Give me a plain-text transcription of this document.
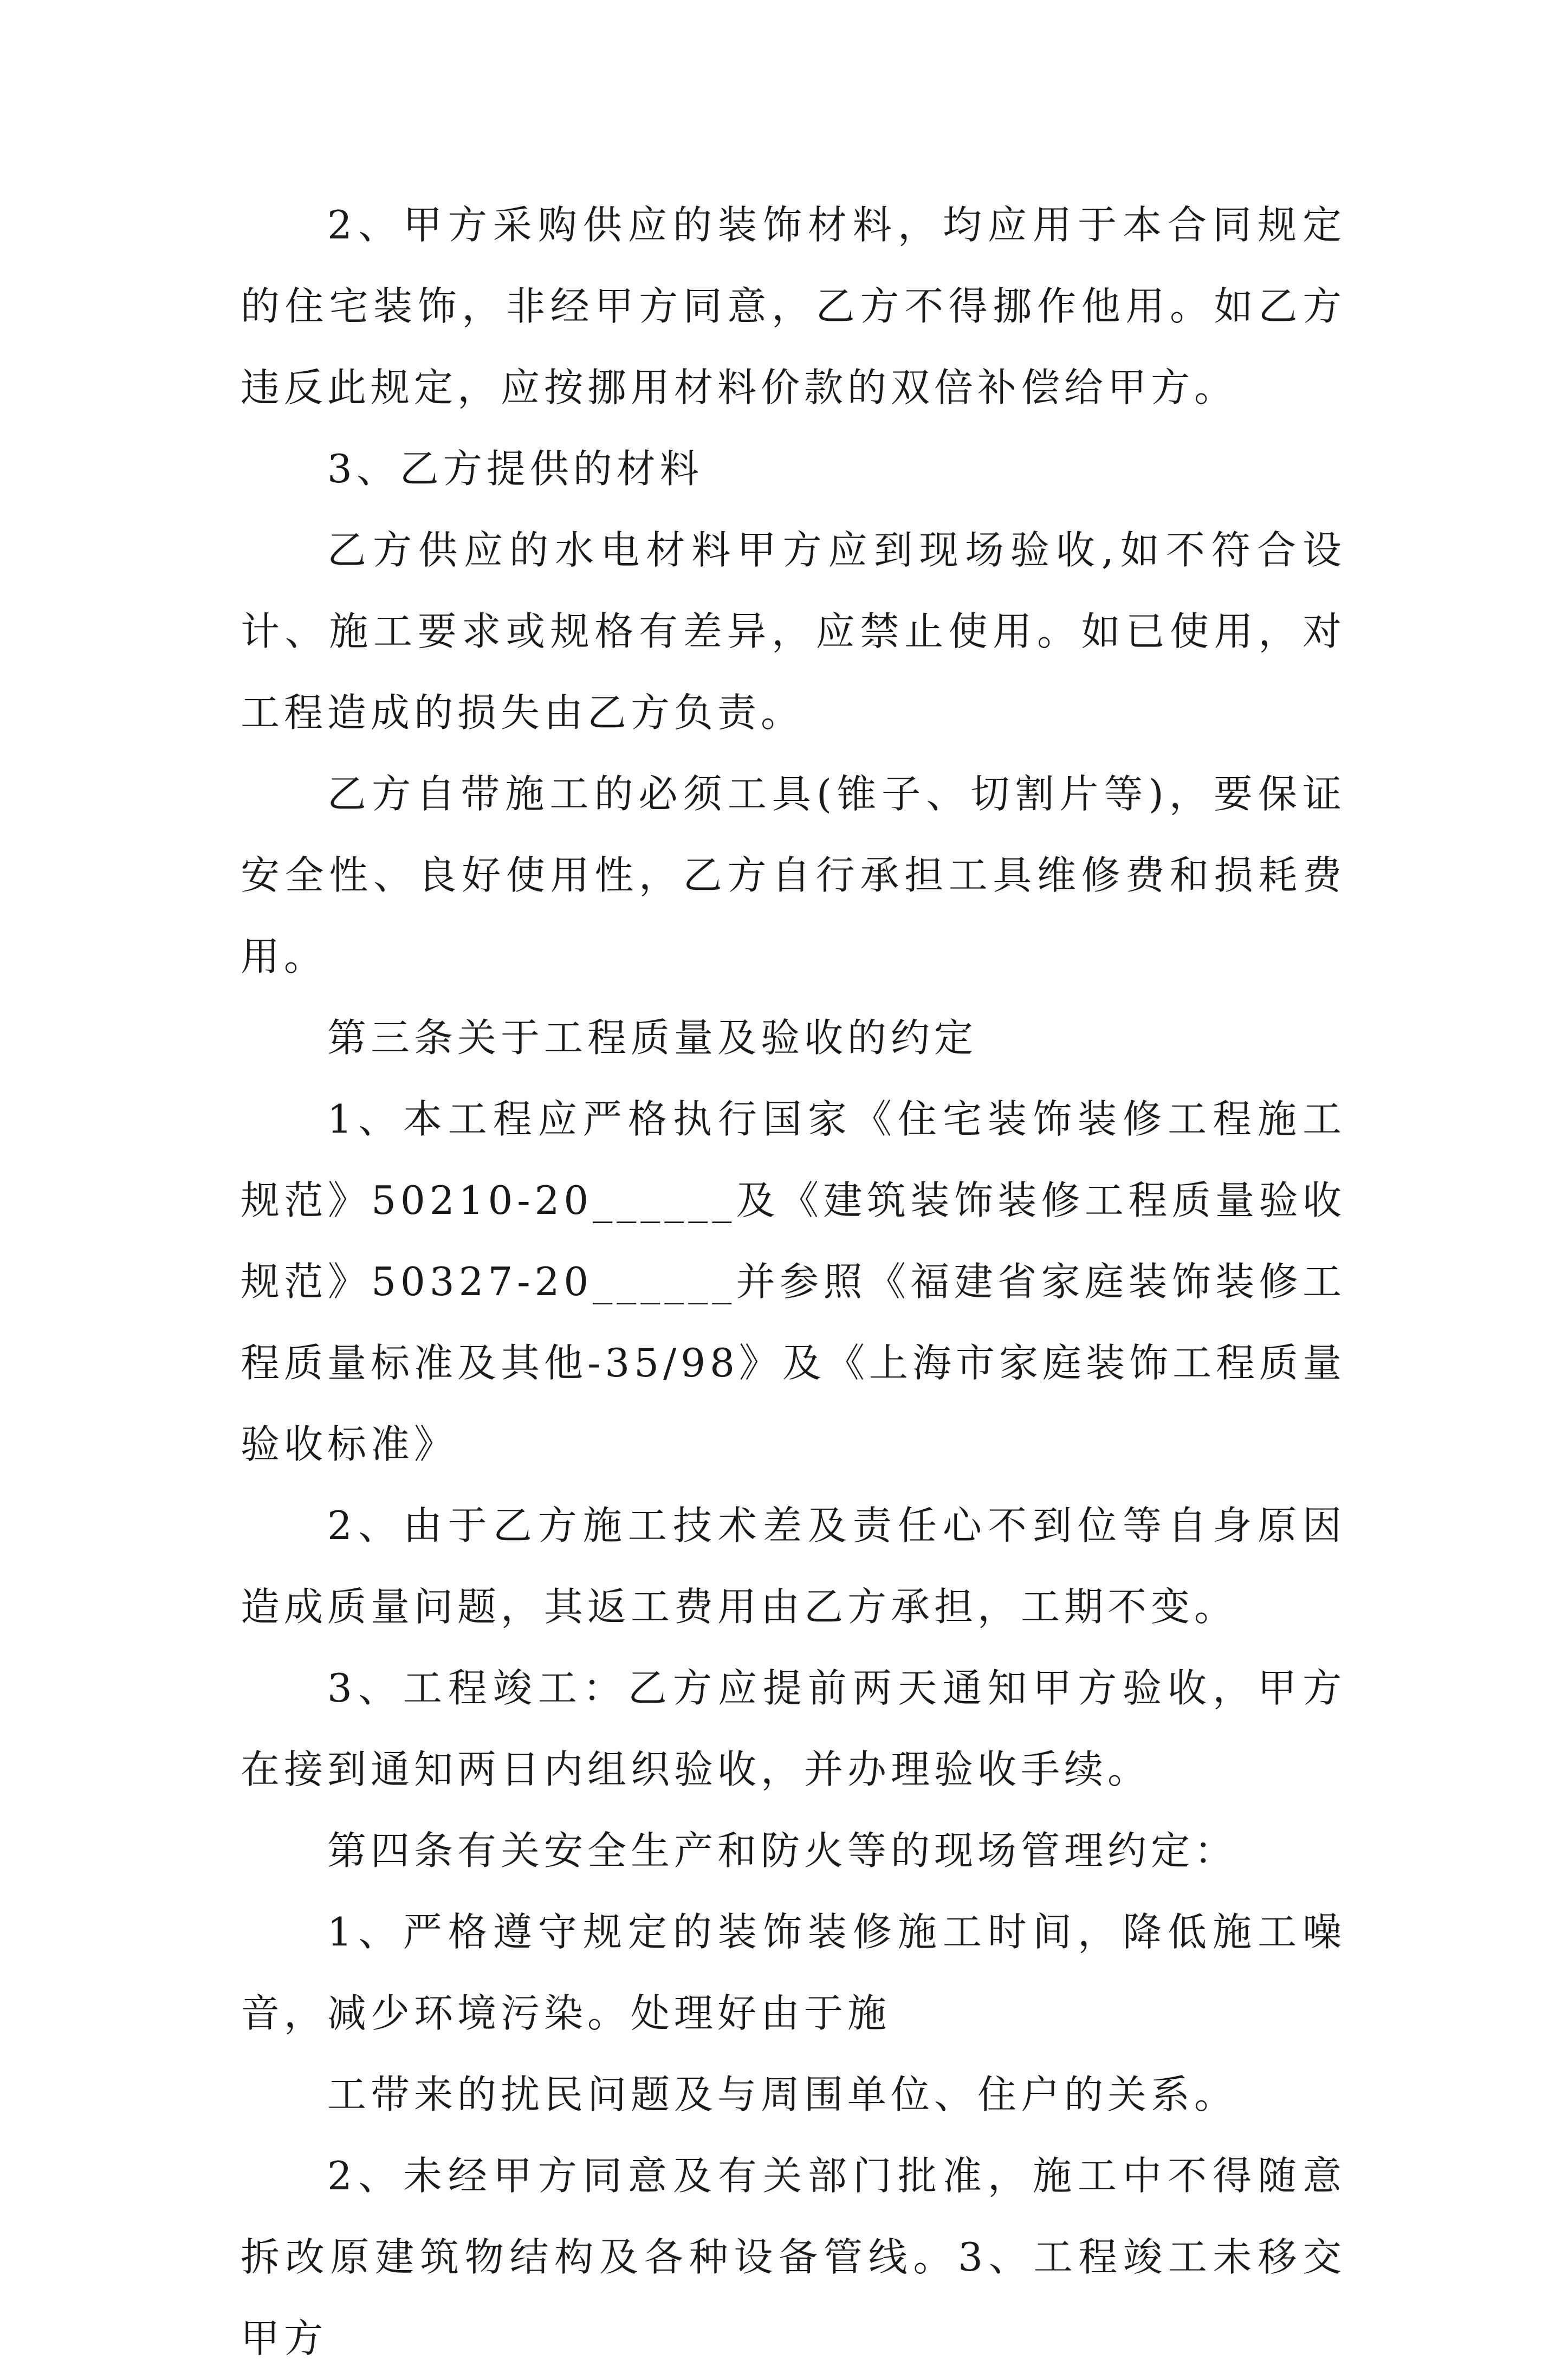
2、甲方采购供应的装饰材料，均应用于本合同规定的住宅装饰，非经甲方同意，乙方不得挪作他用。如乙方违反此规定，应按挪用材料价款的双倍补偿给甲方。

3、乙方提供的材料

乙方供应的水电材料甲方应到现场验收,如不符合设计、施工要求或规格有差异，应禁止使用。如已使用，对工程造成的损失由乙方负责。

乙方自带施工的必须工具(锥子、切割片等)，要保证安全性、良好使用性，乙方自行承担工具维修费和损耗费用。

第三条关于工程质量及验收的约定

1、本工程应严格执行国家《住宅装饰装修工程施工规范》50210-20______及《建筑装饰装修工程质量验收规范》50327-20______并参照《福建省家庭装饰装修工程质量标准及其他-35/98》及《上海市家庭装饰工程质量验收标准》

2、由于乙方施工技术差及责任心不到位等自身原因造成质量问题，其返工费用由乙方承担，工期不变。

3、工程竣工：乙方应提前两天通知甲方验收，甲方在接到通知两日内组织验收，并办理验收手续。

第四条有关安全生产和防火等的现场管理约定：

1、严格遵守规定的装饰装修施工时间，降低施工噪音，减少环境污染。处理好由于施

工带来的扰民问题及与周围单位、住户的关系。

2、未经甲方同意及有关部门批准，施工中不得随意拆改原建筑物结构及各种设备管线。3、工程竣工未移交甲方
